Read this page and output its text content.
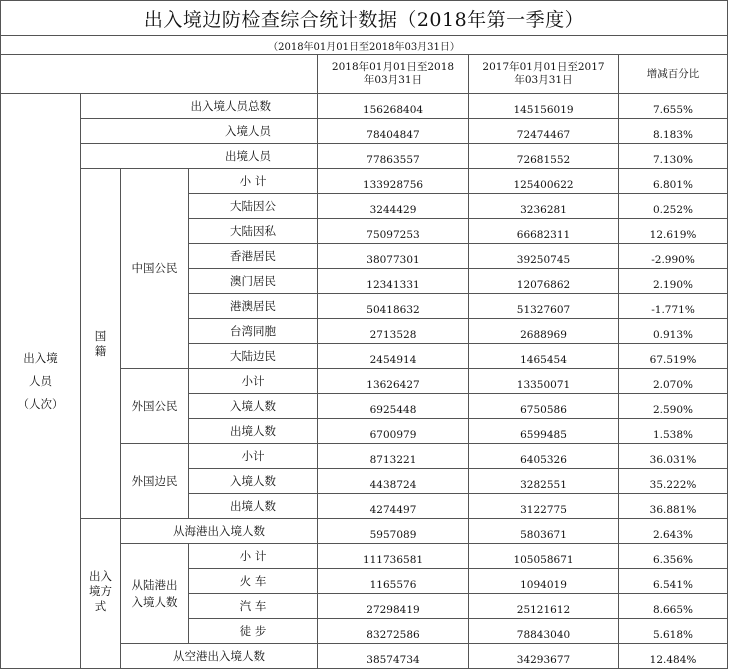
出入境边防检查综合统计数据（2018年第一季度）						
（2018年01月01日至2018年03月31日）						
				2018年01月01日至2018年03月31日	2017年01月01日至2017年03月31日	增减百分比

出入境
人员
（人次）	出入境人员总数			156268404	145156019	7.655%
	入境人员			78404847	72474467	8.183%
	出境人员			77863557	72681552	7.130%
	国籍	中国公民	小 计	133928756	125400622	6.801%
			大陆因公	3244429	3236281	0.252%
			大陆因私	75097253	66682311	12.619%
			香港居民	38077301	39250745	-2.990%
			澳门居民	12341331	12076862	2.190%
			港澳居民	50418632	51327607	-1.771%
			台湾同胞	2713528	2688969	0.913%
			大陆边民	2454914	1465454	67.519%
		外国公民	小计	13626427	13350071	2.070%
			入境人数	6925448	6750586	2.590%
			出境人数	6700979	6599485	1.538%
		外国边民	小计	8713221	6405326	36.031%
			入境人数	4438724	3282551	35.222%
			出境人数	4274497	3122775	36.881%
	出入境方式	从海港出入境人数		5957089	5803671	2.643%
		从陆港出入境人数	小 计	111736581	105058671	6.356%
			火 车	1165576	1094019	6.541%
			汽 车	27298419	25121612	8.665%
			徒 步	83272586	78843040	5.618%
		从空港出入境人数		38574734	34293677	12.484%
